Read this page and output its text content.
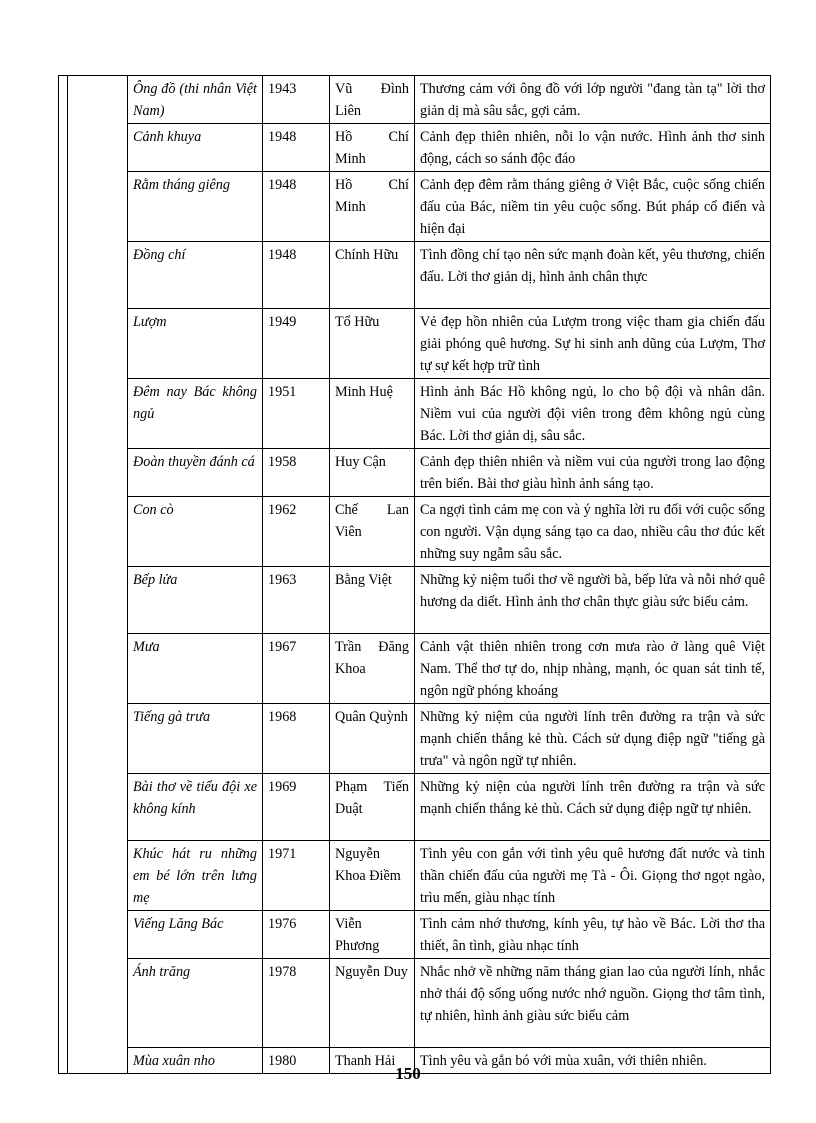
		Ông đồ (thi nhân Việt Nam)	1943	Vũ Đình Liên	Thương cảm với ông đồ với lớp người "đang tàn tạ" lời thơ giản dị mà sâu sắc, gợi cảm.
		Cảnh khuya	1948	Hồ Chí Minh	Cảnh đẹp thiên nhiên, nỗi lo vận nước. Hình ảnh thơ sinh động, cách so sánh độc đáo
		Rằm tháng giêng	1948	Hồ Chí Minh	Cảnh đẹp đêm rằm tháng giêng ở Việt Bắc, cuộc sống chiến đấu của Bác, niềm tin yêu cuộc sống. Bút pháp cổ điển và hiện đại
		Đồng chí	1948	Chính Hữu	Tình đồng chí tạo nên sức mạnh đoàn kết, yêu thương, chiến đấu. Lời thơ giản dị, hình ảnh chân thực
		Lượm	1949	Tố Hữu	Vẻ đẹp hồn nhiên của Lượm trong việc tham gia chiến đấu giải phóng quê hương. Sự hi sinh anh dũng của Lượm, Thơ tự sự kết hợp trữ tình
		Đêm nay Bác không ngủ	1951	Minh Huệ	Hình ảnh Bác Hồ không ngủ, lo cho bộ đội và nhân dân. Niềm vui của người đội viên trong đêm không ngủ cùng Bác. Lời thơ giản dị, sâu sắc.
		Đoàn thuyền đánh cá	1958	Huy Cận	Cảnh đẹp thiên nhiên và niềm vui của người trong lao động trên biển. Bài thơ giàu hình ảnh sáng tạo.
		Con cò	1962	Chế Lan Viên	Ca ngợi tình cảm mẹ con và ý nghĩa lời ru đối với cuộc sống con người. Vận dụng sáng tạo ca dao, nhiều câu thơ đúc kết những suy ngẫm sâu sắc.
		Bếp lửa	1963	Bằng Việt	Những kỷ niệm tuổi thơ về người bà, bếp lửa và nỗi nhớ quê hương da diết. Hình ảnh thơ chân thực giàu sức biểu cảm.
		Mưa	1967	Trần Đăng Khoa	Cảnh vật thiên nhiên trong cơn mưa rào ở làng quê Việt Nam. Thể thơ tự do, nhịp nhàng, mạnh, óc quan sát tinh tế, ngôn ngữ phóng khoáng
		Tiếng gà trưa	1968	Quân Quỳnh	Những kỷ niệm của người lính trên đường ra trận và sức mạnh chiến thắng kẻ thù. Cách sử dụng điệp ngữ "tiếng gà trưa" và ngôn ngữ tự nhiên.
		Bài thơ về tiểu đội xe không kính	1969	Phạm Tiến Duật	Những kỷ niện của người lính trên đường ra trận và sức mạnh chiến thắng kẻ thù. Cách sử dụng điệp ngữ tự nhiên.
		Khúc hát ru những em bé lớn trên lưng mẹ	1971	Nguyễn Khoa Điềm	Tình yêu con gắn với tình yêu quê hương đất nước và tinh thần chiến đấu của người mẹ Tà - Ôi. Giọng thơ ngọt ngào, trìu mến, giàu nhạc tính
		Viếng Lăng Bác	1976	Viễn Phương	Tình cảm nhớ thương, kính yêu, tự hào về Bác. Lời thơ tha thiết, ân tình, giàu nhạc tính
		Ánh trăng	1978	Nguyễn Duy	Nhắc nhở về những năm tháng gian lao của người lính, nhắc nhở thái độ sống uống nước nhớ nguồn. Giọng thơ tâm tình, tự nhiên, hình ảnh giàu sức biểu cảm
		Mùa xuân nho	1980	Thanh Hải	Tình yêu và gắn bó với mùa xuân, với thiên nhiên.
150
